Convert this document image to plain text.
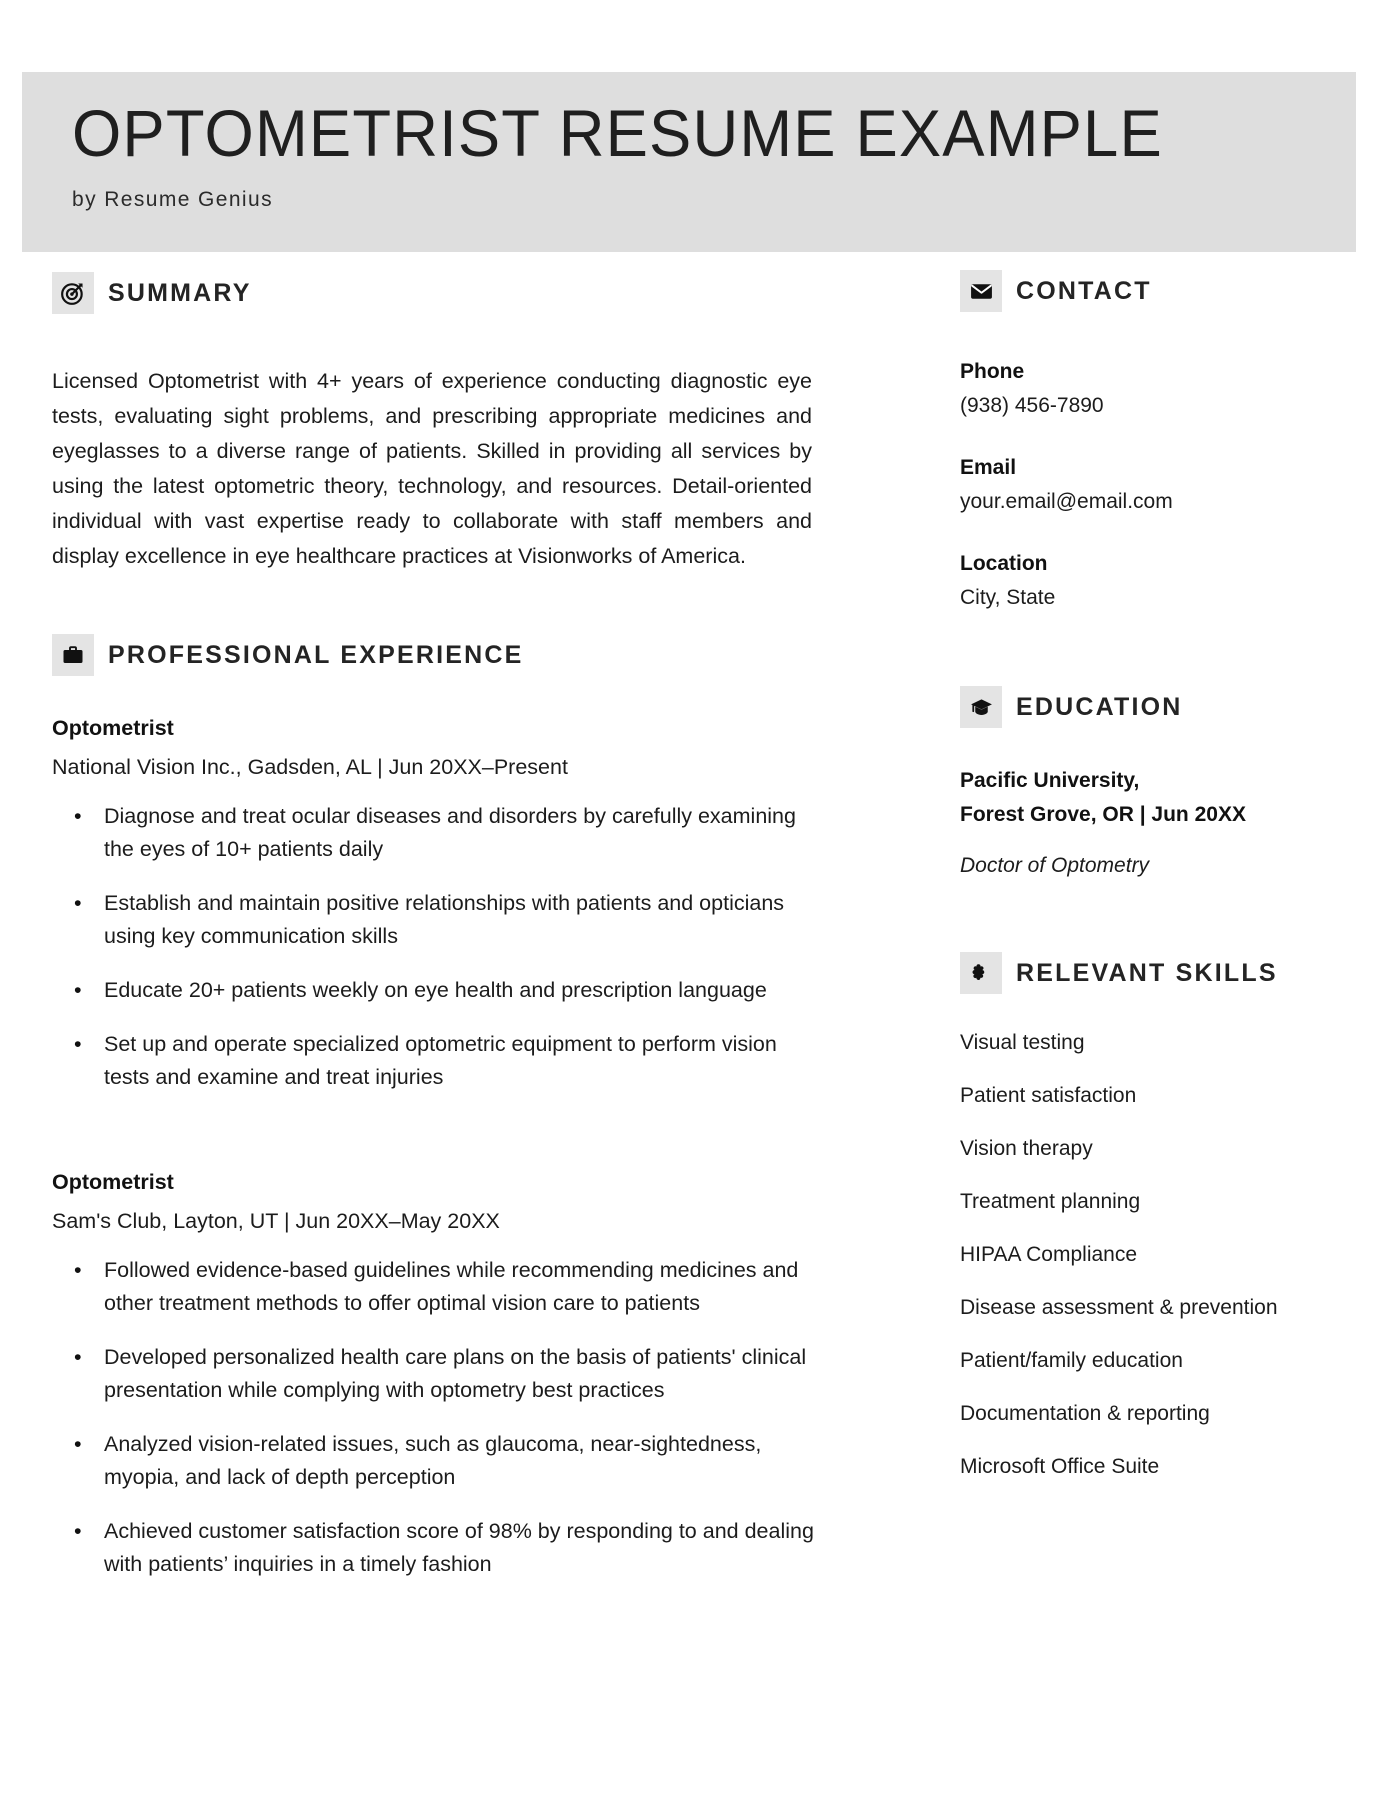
OPTOMETRIST RESUME EXAMPLE
by Resume Genius
SUMMARY

Licensed Optometrist with 4+ years of experience conducting diagnostic eye tests, evaluating sight problems, and prescribing appropriate medicines and eyeglasses to a diverse range of patients. Skilled in providing all services by using the latest optometric theory, technology, and resources. Detail-oriented individual with vast expertise ready to collaborate with staff members and display excellence in eye healthcare practices at Visionworks of America.

PROFESSIONAL EXPERIENCE
Optometrist
National Vision Inc., Gadsden, AL | Jun 20XX–Present
• Diagnose and treat ocular diseases and disorders by carefully examining the eyes of 10+ patients daily
• Establish and maintain positive relationships with patients and opticians using key communication skills
• Educate 20+ patients weekly on eye health and prescription language
• Set up and operate specialized optometric equipment to perform vision tests and examine and treat injuries
Optometrist
Sam's Club, Layton, UT | Jun 20XX–May 20XX
• Followed evidence-based guidelines while recommending medicines and other treatment methods to offer optimal vision care to patients
• Developed personalized health care plans on the basis of patients' clinical presentation while complying with optometry best practices
• Analyzed vision-related issues, such as glaucoma, near-sightedness, myopia, and lack of depth perception
• Achieved customer satisfaction score of 98% by responding to and dealing with patients’ inquiries in a timely fashion
CONTACT
Phone
(938) 456-7890
Email
your.email@email.com
Location
City, State
EDUCATION
Pacific University,
Forest Grove, OR | Jun 20XX
Doctor of Optometry
RELEVANT SKILLS
Visual testing
Patient satisfaction
Vision therapy
Treatment planning
HIPAA Compliance
Disease assessment & prevention
Patient/family education
Documentation & reporting
Microsoft Office Suite
